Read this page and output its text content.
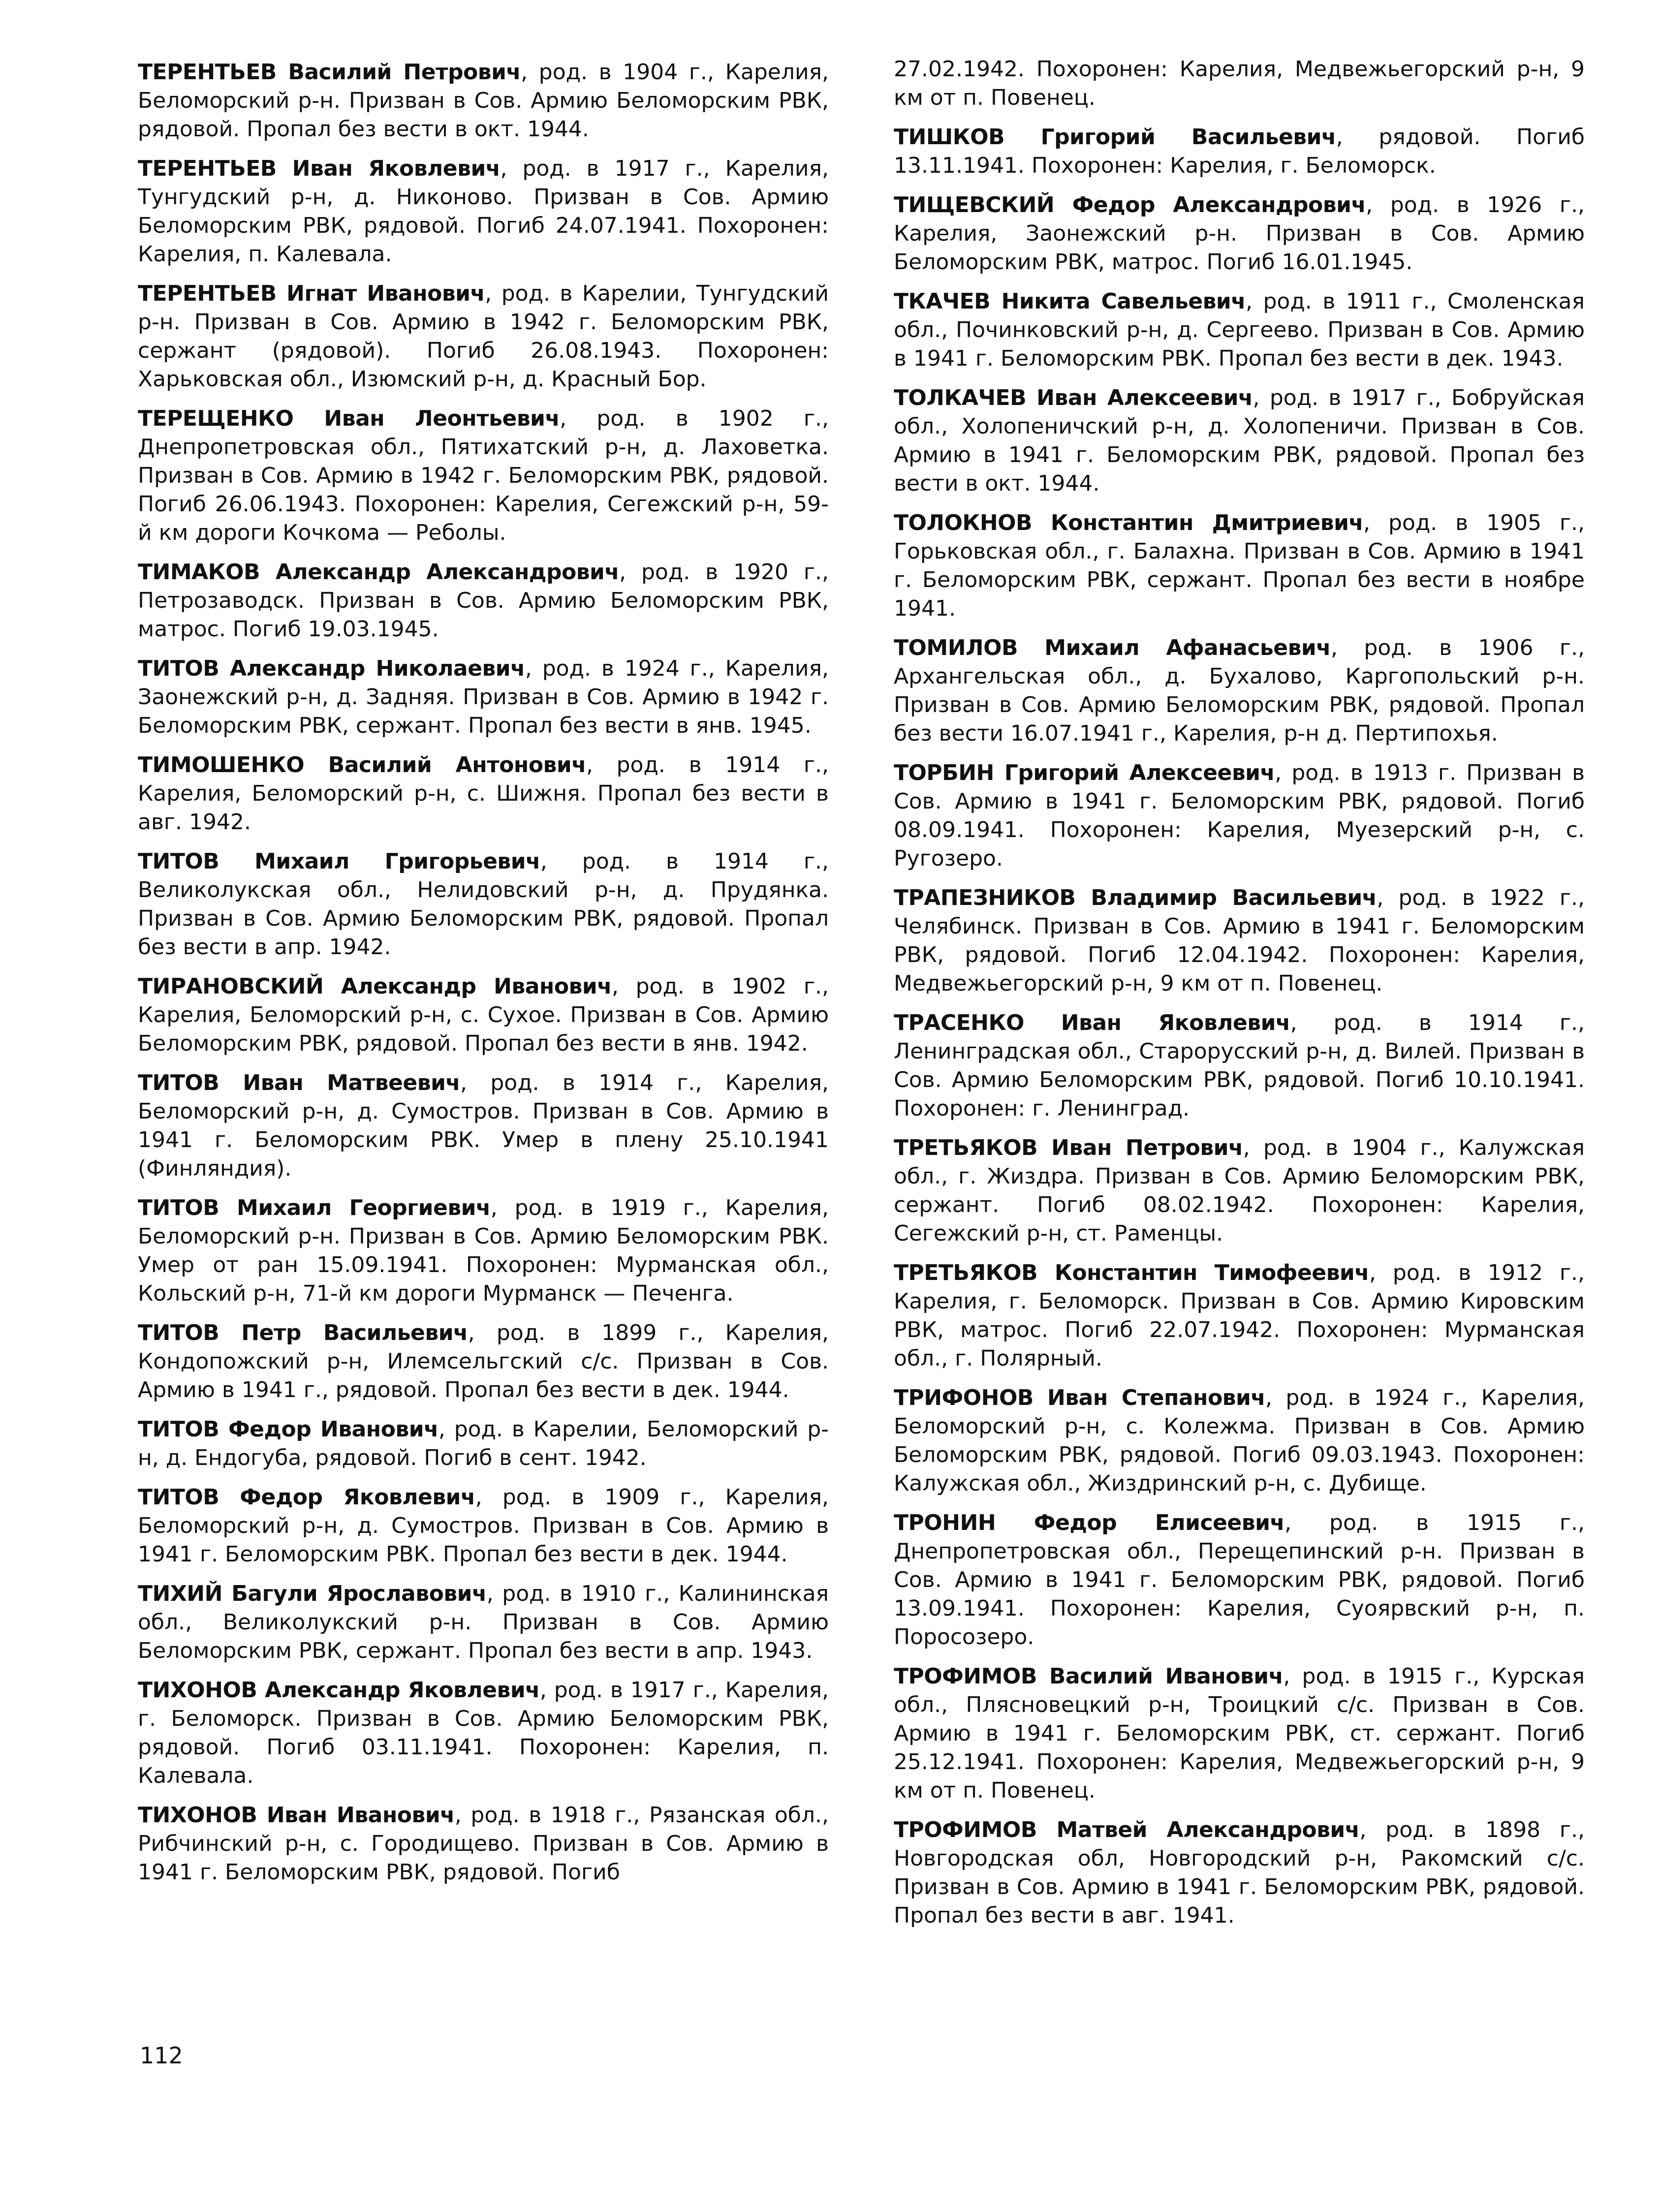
ТЕРЕНТЬЕВ Василий Петрович, род. в 1904 г., Карелия, Беломорский р-н. Призван в Сов. Армию Беломорским РВК, рядовой. Пропал без вести в окт. 1944.

ТЕРЕНТЬЕВ Иван Яковлевич, род. в 1917 г., Карелия, Тунгудский р-н, д. Никоново. Призван в Сов. Армию Беломорским РВК, рядовой. Погиб 24.07.1941. Похоронен: Карелия, п. Калевала.

ТЕРЕНТЬЕВ Игнат Иванович, род. в Карелии, Тунгудский р-н. Призван в Сов. Армию в 1942 г. Беломорским РВК, сержант (рядовой). Погиб 26.08.1943. Похоронен: Харьковская обл., Изюмский р-н, д. Красный Бор.

ТЕРЕЩЕНКО Иван Леонтьевич, род. в 1902 г., Днепропетровская обл., Пятихатский р-н, д. Лаховетка. Призван в Сов. Армию в 1942 г. Беломорским РВК, рядовой. Погиб 26.06.1943. Похоронен: Карелия, Сегежский р-н, 59-й км дороги Кочкома — Реболы.

ТИМАКОВ Александр Александрович, род. в 1920 г., Петрозаводск. Призван в Сов. Армию Беломорским РВК, матрос. Погиб 19.03.1945.

ТИТОВ Александр Николаевич, род. в 1924 г., Карелия, Заонежский р-н, д. Задняя. Призван в Сов. Армию в 1942 г. Беломорским РВК, сержант. Пропал без вести в янв. 1945.

ТИМОШЕНКО Василий Антонович, род. в 1914 г., Карелия, Беломорский р-н, с. Шижня. Пропал без вести в авг. 1942.

ТИТОВ Михаил Григорьевич, род. в 1914 г., Великолукская обл., Нелидовский р-н, д. Прудянка. Призван в Сов. Армию Беломорским РВК, рядовой. Пропал без вести в апр. 1942.

ТИРАНОВСКИЙ Александр Иванович, род. в 1902 г., Карелия, Беломорский р-н, с. Сухое. Призван в Сов. Армию Беломорским РВК, рядовой. Пропал без вести в янв. 1942.

ТИТОВ Иван Матвеевич, род. в 1914 г., Карелия, Беломорский р-н, д. Сумостров. Призван в Сов. Армию в 1941 г. Беломорским РВК. Умер в плену 25.10.1941 (Финляндия).

ТИТОВ Михаил Георгиевич, род. в 1919 г., Карелия, Беломорский р-н. Призван в Сов. Армию Беломорским РВК. Умер от ран 15.09.1941. Похоронен: Мурманская обл., Кольский р-н, 71-й км дороги Мурманск — Печенга.

ТИТОВ Петр Васильевич, род. в 1899 г., Карелия, Кондопожский р-н, Илемсельгский с/с. Призван в Сов. Армию в 1941 г., рядовой. Пропал без вести в дек. 1944.

ТИТОВ Федор Иванович, род. в Карелии, Беломорский р-н, д. Ендогуба, рядовой. Погиб в сент. 1942.

ТИТОВ Федор Яковлевич, род. в 1909 г., Карелия, Беломорский р-н, д. Сумостров. Призван в Сов. Армию в 1941 г. Беломорским РВК. Пропал без вести в дек. 1944.

ТИХИЙ Багули Ярославович, род. в 1910 г., Калининская обл., Великолукский р-н. Призван в Сов. Армию Беломорским РВК, сержант. Пропал без вести в апр. 1943.

ТИХОНОВ Александр Яковлевич, род. в 1917 г., Карелия, г. Беломорск. Призван в Сов. Армию Беломорским РВК, рядовой. Погиб 03.11.1941. Похоронен: Карелия, п. Калевала.

ТИХОНОВ Иван Иванович, род. в 1918 г., Рязанская обл., Рибчинский р-н, с. Городищево. Призван в Сов. Армию в 1941 г. Беломорским РВК, рядовой. Погиб

27.02.1942. Похоронен: Карелия, Медвежьегорский р-н, 9 км от п. Повенец.

ТИШКОВ Григорий Васильевич, рядовой. Погиб 13.11.1941. Похоронен: Карелия, г. Беломорск.

ТИЩЕВСКИЙ Федор Александрович, род. в 1926 г., Карелия, Заонежский р-н. Призван в Сов. Армию Беломорским РВК, матрос. Погиб 16.01.1945.

ТКАЧЕВ Никита Савельевич, род. в 1911 г., Смоленская обл., Починковский р-н, д. Сергеево. Призван в Сов. Армию в 1941 г. Беломорским РВК. Пропал без вести в дек. 1943.

ТОЛКАЧЕВ Иван Алексеевич, род. в 1917 г., Бобруйская обл., Холопеничский р-н, д. Холопеничи. Призван в Сов. Армию в 1941 г. Беломорским РВК, рядовой. Пропал без вести в окт. 1944.

ТОЛОКНОВ Константин Дмитриевич, род. в 1905 г., Горьковская обл., г. Балахна. Призван в Сов. Армию в 1941 г. Беломорским РВК, сержант. Пропал без вести в ноябре 1941.

ТОМИЛОВ Михаил Афанасьевич, род. в 1906 г., Архангельская обл., д. Бухалово, Каргопольский р-н. Призван в Сов. Армию Беломорским РВК, рядовой. Пропал без вести 16.07.1941 г., Карелия, р-н д. Пертипохья.

ТОРБИН Григорий Алексеевич, род. в 1913 г. Призван в Сов. Армию в 1941 г. Беломорским РВК, рядовой. Погиб 08.09.1941. Похоронен: Карелия, Муезерский р-н, с. Ругозеро.

ТРАПЕЗНИКОВ Владимир Васильевич, род. в 1922 г., Челябинск. Призван в Сов. Армию в 1941 г. Беломорским РВК, рядовой. Погиб 12.04.1942. Похоронен: Карелия, Медвежьегорский р-н, 9 км от п. Повенец.

ТРАСЕНКО Иван Яковлевич, род. в 1914 г., Ленинградская обл., Старорусский р-н, д. Вилей. Призван в Сов. Армию Беломорским РВК, рядовой. Погиб 10.10.1941. Похоронен: г. Ленинград.

ТРЕТЬЯКОВ Иван Петрович, род. в 1904 г., Калужская обл., г. Жиздра. Призван в Сов. Армию Беломорским РВК, сержант. Погиб 08.02.1942. Похоронен: Карелия, Сегежский р-н, ст. Раменцы.

ТРЕТЬЯКОВ Константин Тимофеевич, род. в 1912 г., Карелия, г. Беломорск. Призван в Сов. Армию Кировским РВК, матрос. Погиб 22.07.1942. Похоронен: Мурманская обл., г. Полярный.

ТРИФОНОВ Иван Степанович, род. в 1924 г., Карелия, Беломорский р-н, с. Колежма. Призван в Сов. Армию Беломорским РВК, рядовой. Погиб 09.03.1943. Похоронен: Калужская обл., Жиздринский р-н, с. Дубище.

ТРОНИН Федор Елисеевич, род. в 1915 г., Днепропетровская обл., Перещепинский р-н. Призван в Сов. Армию в 1941 г. Беломорским РВК, рядовой. Погиб 13.09.1941. Похоронен: Карелия, Суоярвский р-н, п. Поросозеро.

ТРОФИМОВ Василий Иванович, род. в 1915 г., Курская обл., Плясновецкий р-н, Троицкий с/с. Призван в Сов. Армию в 1941 г. Беломорским РВК, ст. сержант. Погиб 25.12.1941. Похоронен: Карелия, Медвежьегорский р-н, 9 км от п. Повенец.

ТРОФИМОВ Матвей Александрович, род. в 1898 г., Новгородская обл, Новгородский р-н, Ракомский с/с. Призван в Сов. Армию в 1941 г. Беломорским РВК, рядовой. Пропал без вести в авг. 1941.

112
